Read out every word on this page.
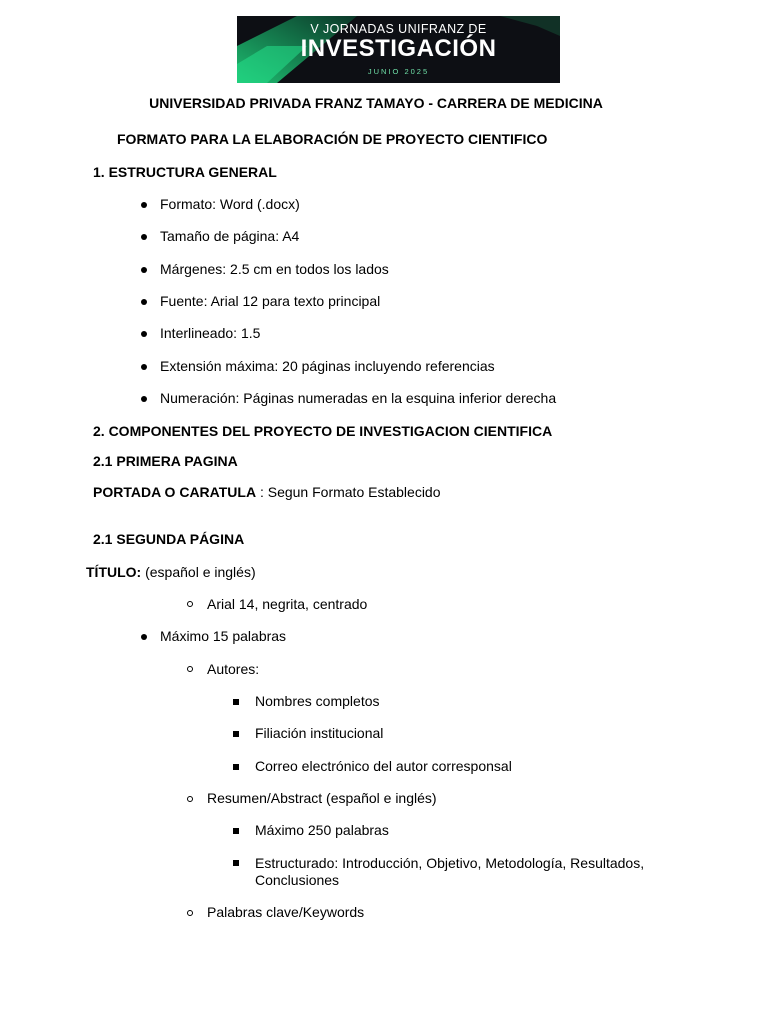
V JORNADAS UNIFRANZ DE
INVESTIGACIÓN
JUNIO 2025
UNIVERSIDAD PRIVADA FRANZ TAMAYO - CARRERA DE MEDICINA
FORMATO PARA LA ELABORACIÓN DE PROYECTO CIENTIFICO
1. ESTRUCTURA GENERAL
Formato: Word (.docx)
Tamaño de página: A4
Márgenes: 2.5 cm en todos los lados
Fuente: Arial 12 para texto principal
Interlineado: 1.5
Extensión máxima: 20 páginas incluyendo referencias
Numeración: Páginas numeradas en la esquina inferior derecha
2. COMPONENTES DEL PROYECTO DE INVESTIGACION CIENTIFICA
2.1 PRIMERA PAGINA
PORTADA O CARATULA : Segun Formato Establecido
2.1 SEGUNDA PÁGINA
TÍTULO: (español e inglés)
Arial 14, negrita, centrado
Máximo 15 palabras
Autores:
Nombres completos
Filiación institucional
Correo electrónico del autor corresponsal
Resumen/Abstract (español e inglés)
Máximo 250 palabras
Estructurado: Introducción, Objetivo, Metodología, Resultados,
Conclusiones
Palabras clave/Keywords
